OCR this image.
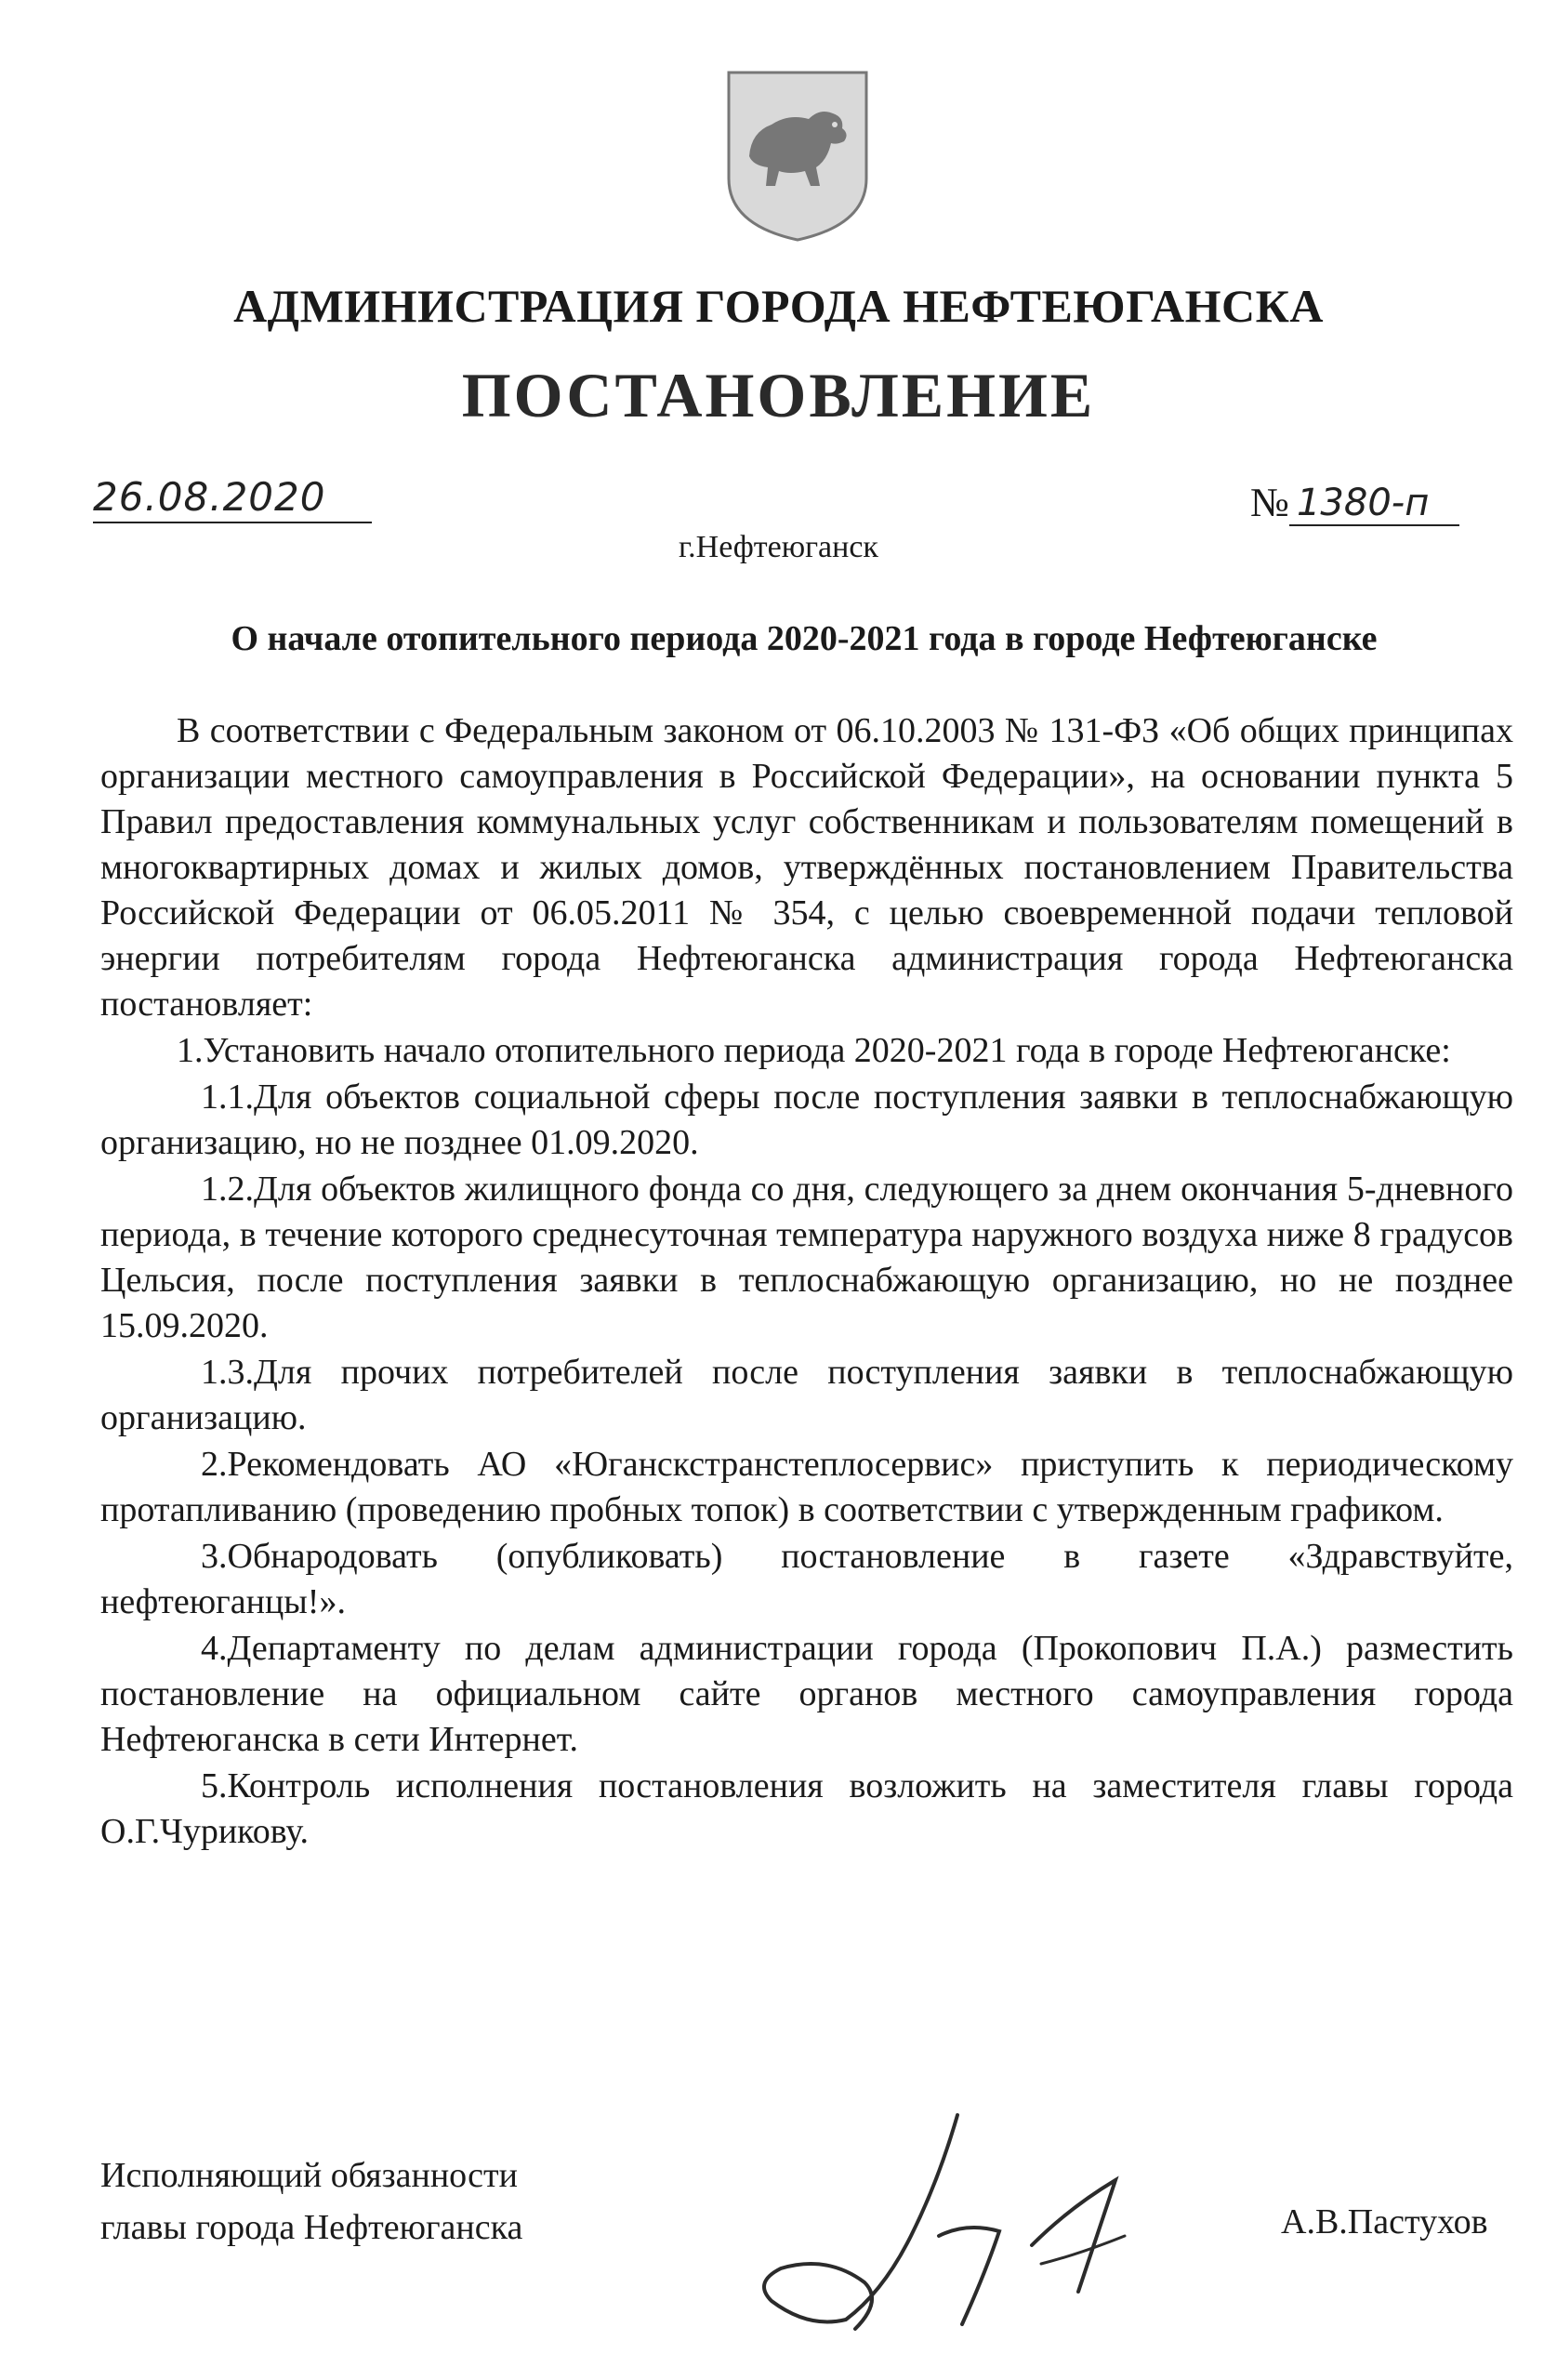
АДМИНИСТРАЦИЯ ГОРОДА НЕФТЕЮГАНСКА
ПОСТАНОВЛЕНИЕ
26.08.2020	№ 1380-п
г.Нефтеюганск
О начале отопительного периода 2020-2021 года в городе Нефтеюганске

В соответствии с Федеральным законом от 06.10.2003 № 131-ФЗ «Об общих принципах организации местного самоуправления в Российской Федерации», на основании пункта 5 Правил предоставления коммунальных услуг собственникам и пользователям помещений в многоквартирных домах и жилых домов, утверждённых постановлением Правительства Российской Федерации от 06.05.2011 № 354, с целью своевременной подачи тепловой энергии потребителям города Нефтеюганска администрация города Нефтеюганска постановляет:

1.Установить начало отопительного периода 2020-2021 года в городе Нефтеюганске:

1.1.Для объектов социальной сферы после поступления заявки в теплоснабжающую организацию, но не позднее 01.09.2020.

1.2.Для объектов жилищного фонда со дня, следующего за днем окончания 5-дневного периода, в течение которого среднесуточная температура наружного воздуха ниже 8 градусов Цельсия, после поступления заявки в теплоснабжающую организацию, но не позднее 15.09.2020.

1.3.Для прочих потребителей после поступления заявки в теплоснабжающую организацию.

2.Рекомендовать АО «Юганскстранстеплосервис» приступить к периодическому протапливанию (проведению пробных топок) в соответствии с утвержденным графиком.

3.Обнародовать (опубликовать) постановление в газете «Здравствуйте, нефтеюганцы!».

4.Департаменту по делам администрации города (Прокопович П.А.) разместить постановление на официальном сайте органов местного самоуправления города Нефтеюганска в сети Интернет.

5.Контроль исполнения постановления возложить на заместителя главы города О.Г.Чурикову.

Исполняющий обязанности
главы города Нефтеюганска	А.В.Пастухов
